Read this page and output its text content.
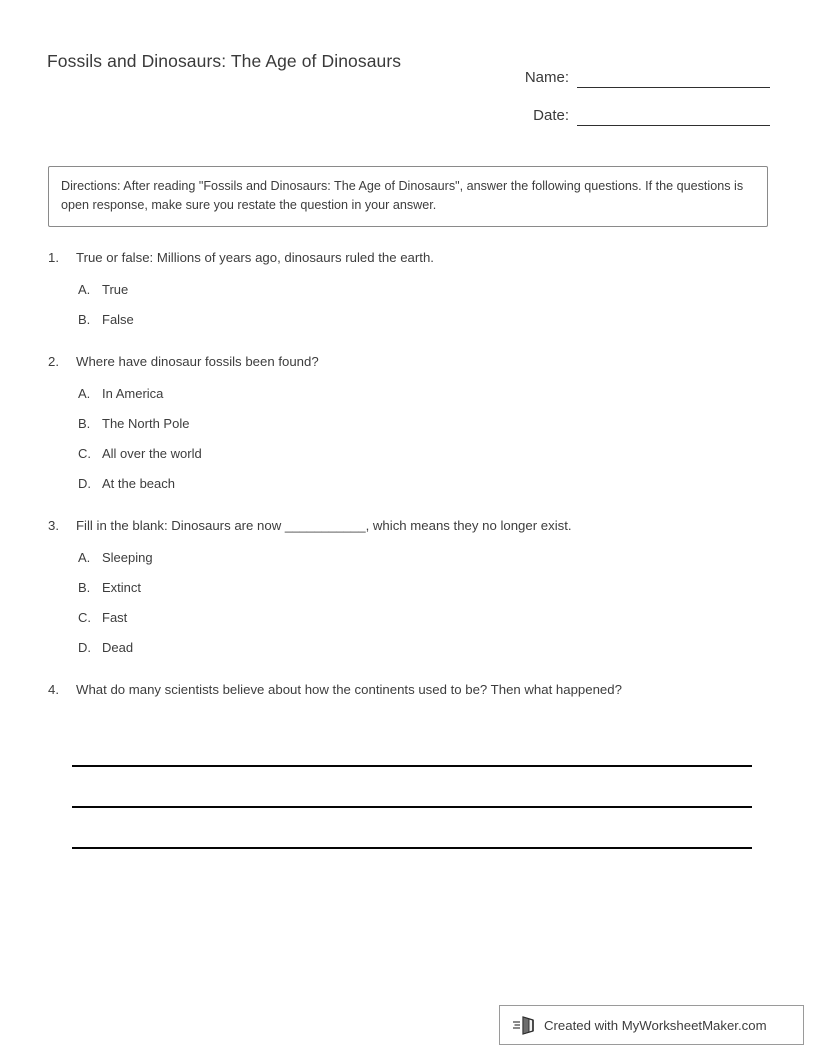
Fossils and Dinosaurs: The Age of Dinosaurs
Name:
Date:
Directions: After reading "Fossils and Dinosaurs: The Age of Dinosaurs", answer the following questions. If the questions is open response, make sure you restate the question in your answer.
1.	True or false: Millions of years ago, dinosaurs ruled the earth.
A. True
B. False
2.	Where have dinosaur fossils been found?
A. In America
B. The North Pole
C. All over the world
D. At the beach
3.	Fill in the blank: Dinosaurs are now ___________, which means they no longer exist.
A. Sleeping
B. Extinct
C. Fast
D. Dead
4.	What do many scientists believe about how the continents used to be? Then what happened?
Created with MyWorksheetMaker.com
